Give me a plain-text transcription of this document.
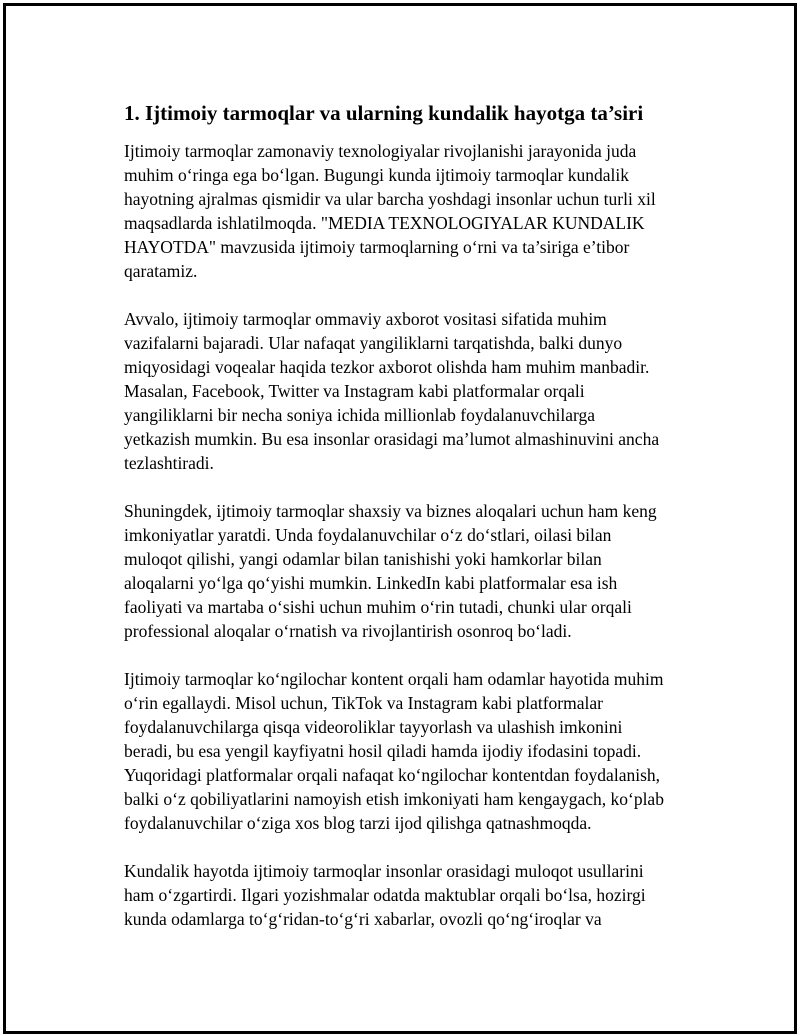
1. Ijtimoiy tarmoqlar va ularning kundalik hayotga ta’siri

Ijtimoiy tarmoqlar zamonaviy texnologiyalar rivojlanishi jarayonida juda
muhim o‘ringa ega bo‘lgan. Bugungi kunda ijtimoiy tarmoqlar kundalik
hayotning ajralmas qismidir va ular barcha yoshdagi insonlar uchun turli xil
maqsadlarda ishlatilmoqda. "MEDIA TEXNOLOGIYALAR KUNDALIK
HAYOTDA" mavzusida ijtimoiy tarmoqlarning o‘rni va ta’siriga e’tibor
qaratamiz.

Avvalo, ijtimoiy tarmoqlar ommaviy axborot vositasi sifatida muhim
vazifalarni bajaradi. Ular nafaqat yangiliklarni tarqatishda, balki dunyo
miqyosidagi voqealar haqida tezkor axborot olishda ham muhim manbadir.
Masalan, Facebook, Twitter va Instagram kabi platformalar orqali
yangiliklarni bir necha soniya ichida millionlab foydalanuvchilarga
yetkazish mumkin. Bu esa insonlar orasidagi ma’lumot almashinuvini ancha
tezlashtiradi.

Shuningdek, ijtimoiy tarmoqlar shaxsiy va biznes aloqalari uchun ham keng
imkoniyatlar yaratdi. Unda foydalanuvchilar o‘z do‘stlari, oilasi bilan
muloqot qilishi, yangi odamlar bilan tanishishi yoki hamkorlar bilan
aloqalarni yo‘lga qo‘yishi mumkin. LinkedIn kabi platformalar esa ish
faoliyati va martaba o‘sishi uchun muhim o‘rin tutadi, chunki ular orqali
professional aloqalar o‘rnatish va rivojlantirish osonroq bo‘ladi.

Ijtimoiy tarmoqlar ko‘ngilochar kontent orqali ham odamlar hayotida muhim
o‘rin egallaydi. Misol uchun, TikTok va Instagram kabi platformalar
foydalanuvchilarga qisqa videoroliklar tayyorlash va ulashish imkonini
beradi, bu esa yengil kayfiyatni hosil qiladi hamda ijodiy ifodasini topadi.
Yuqoridagi platformalar orqali nafaqat ko‘ngilochar kontentdan foydalanish,
balki o‘z qobiliyatlarini namoyish etish imkoniyati ham kengaygach, ko‘plab
foydalanuvchilar o‘ziga xos blog tarzi ijod qilishga qatnashmoqda.

Kundalik hayotda ijtimoiy tarmoqlar insonlar orasidagi muloqot usullarini
ham o‘zgartirdi. Ilgari yozishmalar odatda maktublar orqali bo‘lsa, hozirgi
kunda odamlarga to‘g‘ridan-to‘g‘ri xabarlar, ovozli qo‘ng‘iroqlar va
